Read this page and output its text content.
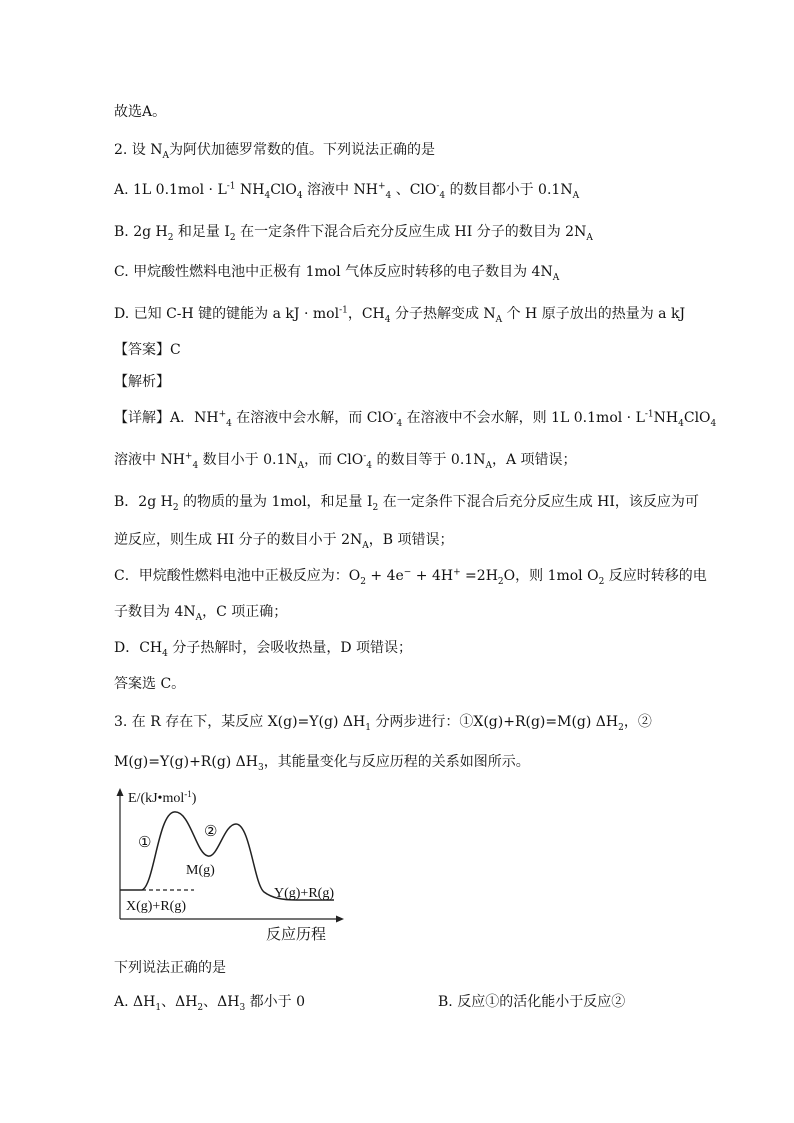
故选A。
2. 设 $N_A$为阿伏加德罗常数的值。下列说法正确的是
A. 1L $0.1mol \cdot L^{-1}$ $NH_4ClO_4$ 溶液中 $NH^+_4$ 、ClO-$_4$ 的数目都小于 $0.1N_A$
B. 2g $H_2$ 和足量 $I_2$ 在一定条件下混合后充分反应生成 HI 分子的数目为 $2N_A$
C. 甲烷酸性燃料电池中正极有 1mol 气体反应时转移的电子数目为 $4N_A$
D. 已知 C-H 键的键能为 a kJ · mol$^{-1}$，$CH_4$ 分子热解变成 $N_A$ 个 H 原子放出的热量为 a kJ
【答案】C
【解析】
【详解】A．$NH^+_4$ 在溶液中会水解，而 ClO-$_4$ 在溶液中不会水解，则 1L $0.1mol \cdot L^{-1}NH_4ClO_4$
溶液中 $NH^+_4$ 数目小于 $0.1N_A$，而 ClO-$_4$ 的数目等于 $0.1N_A$，A 项错误；
B．2g $H_2$ 的物质的量为 1mol，和足量 $I_2$ 在一定条件下混合后充分反应生成 HI，该反应为可
逆反应，则生成 HI 分子的数目小于 $2N_A$，B 项错误；
C．甲烷酸性燃料电池中正极反应为：$O_2 + 4e^- + 4H^+ =2H_2O$，则 1mol $O_2$ 反应时转移的电
子数目为 $4N_A$，C 项正确；
D．$CH_4$ 分子热解时，会吸收热量，D 项错误；
答案选 C。
3. 在 R 存在下，某反应 X(g)=Y(g) $\Delta H_1$ 分两步进行：①X(g)+R(g)=M(g) $\Delta H_2$，②
M(g)=Y(g)+R(g) $\Delta H_3$，其能量变化与反应历程的关系如图所示。
E/(kJ•mol$^{-1}$)
①
②
M(g)
X(g)+R(g)
Y(g)+R(g)
反应历程
下列说法正确的是
A. $\Delta H_1$、$\Delta H_2$、$\Delta H_3$ 都小于 0	B. 反应①的活化能小于反应②
